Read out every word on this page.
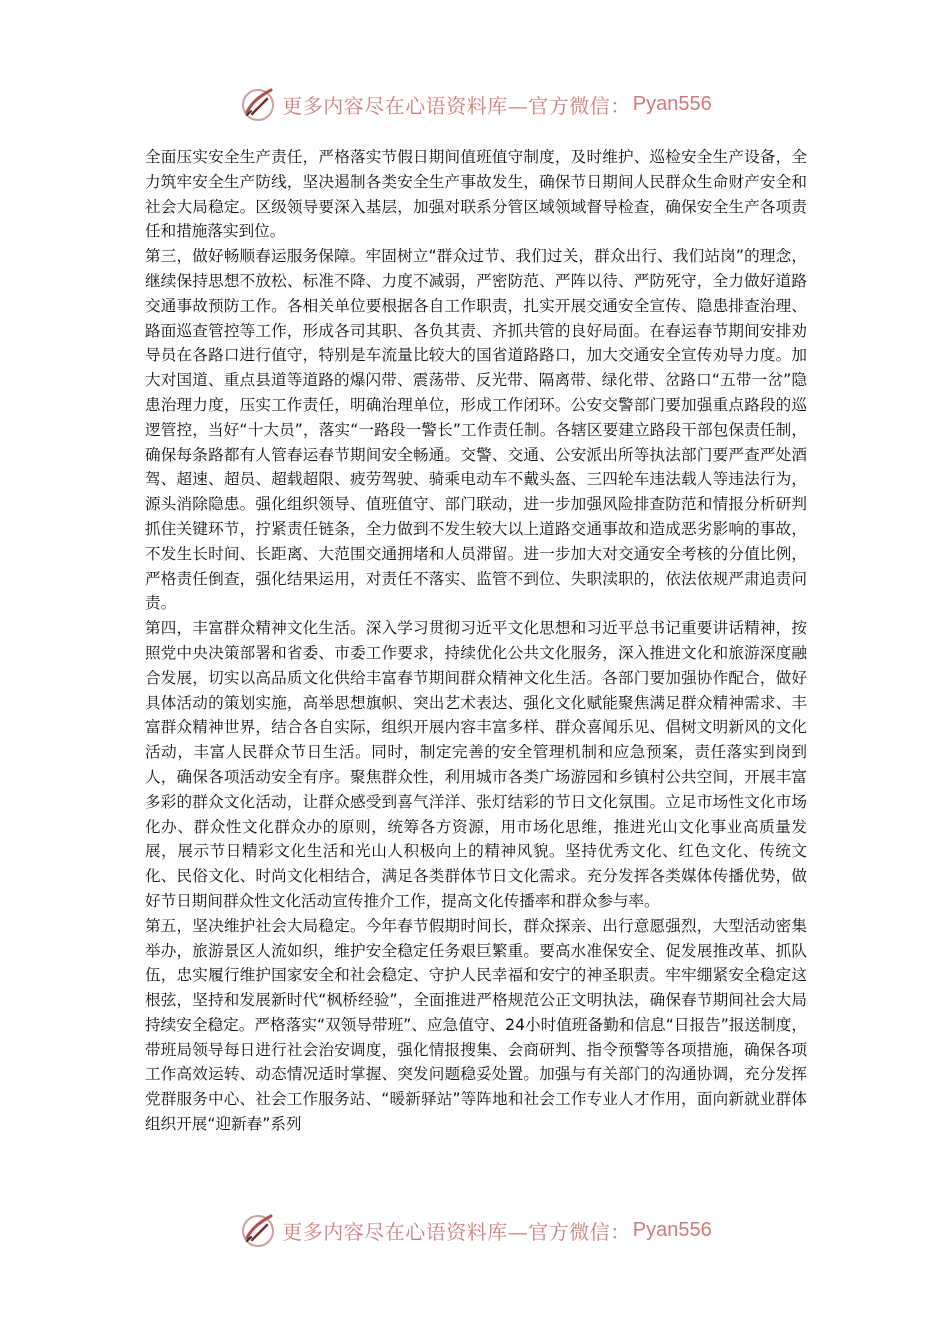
更多内容尽在心语资料库—官方微信： Pyan556

全面压实安全生产责任，严格落实节假日期间值班值守制度，及时维护、巡检安全生产设备，全力筑牢安全生产防线，坚决遏制各类安全生产事故发生，确保节日期间人民群众生命财产安全和社会大局稳定。区级领导要深入基层，加强对联系分管区域领域督导检查，确保安全生产各项责任和措施落实到位。

第三，做好畅顺春运服务保障。牢固树立“群众过节、我们过关，群众出行、我们站岗”的理念，继续保持思想不放松、标准不降、力度不减弱，严密防范、严阵以待、严防死守，全力做好道路交通事故预防工作。各相关单位要根据各自工作职责，扎实开展交通安全宣传、隐患排查治理、路面巡查管控等工作，形成各司其职、各负其责、齐抓共管的良好局面。在春运春节期间安排劝导员在各路口进行值守，特别是车流量比较大的国省道路路口，加大交通安全宣传劝导力度。加大对国道、重点县道等道路的爆闪带、震荡带、反光带、隔离带、绿化带、岔路口“五带一岔”隐患治理力度，压实工作责任，明确治理单位，形成工作闭环。公安交警部门要加强重点路段的巡逻管控，当好“十大员”，落实“一路段一警长”工作责任制。各辖区要建立路段干部包保责任制，确保每条路都有人管春运春节期间安全畅通。交警、交通、公安派出所等执法部门要严查严处酒驾、超速、超员、超载超限、疲劳驾驶、骑乘电动车不戴头盔、三四轮车违法载人等违法行为，源头消除隐患。强化组织领导、值班值守、部门联动，进一步加强风险排查防范和情报分析研判抓住关键环节，拧紧责任链条，全力做到不发生较大以上道路交通事故和造成恶劣影响的事故，不发生长时间、长距离、大范围交通拥堵和人员滞留。进一步加大对交通安全考核的分值比例，严格责任倒查，强化结果运用，对责任不落实、监管不到位、失职渎职的，依法依规严肃追责问责。

第四，丰富群众精神文化生活。深入学习贯彻习近平文化思想和习近平总书记重要讲话精神，按照党中央决策部署和省委、市委工作要求，持续优化公共文化服务，深入推进文化和旅游深度融合发展，切实以高品质文化供给丰富春节期间群众精神文化生活。各部门要加强协作配合，做好具体活动的策划实施，高举思想旗帜、突出艺术表达、强化文化赋能聚焦满足群众精神需求、丰富群众精神世界，结合各自实际，组织开展内容丰富多样、群众喜闻乐见、倡树文明新风的文化活动，丰富人民群众节日生活。同时，制定完善的安全管理机制和应急预案，责任落实到岗到人，确保各项活动安全有序。聚焦群众性，利用城市各类广场游园和乡镇村公共空间，开展丰富多彩的群众文化活动，让群众感受到喜气洋洋、张灯结彩的节日文化氛围。立足市场性文化市场化办、群众性文化群众办的原则，统筹各方资源，用市场化思维，推进光山文化事业高质量发展，展示节日精彩文化生活和光山人积极向上的精神风貌。坚持优秀文化、红色文化、传统文化、民俗文化、时尚文化相结合，满足各类群体节日文化需求。充分发挥各类媒体传播优势，做好节日期间群众性文化活动宣传推介工作，提高文化传播率和群众参与率。

第五，坚决维护社会大局稳定。今年春节假期时间长，群众探亲、出行意愿强烈，大型活动密集举办，旅游景区人流如织，维护安全稳定任务艰巨繁重。要高水准保安全、促发展推改革、抓队伍，忠实履行维护国家安全和社会稳定、守护人民幸福和安宁的神圣职责。牢牢绷紧安全稳定这根弦，坚持和发展新时代“枫桥经验”，全面推进严格规范公正文明执法，确保春节期间社会大局持续安全稳定。严格落实“双领导带班”、应急值守、24小时值班备勤和信息“日报告”报送制度，带班局领导每日进行社会治安调度，强化情报搜集、会商研判、指令预警等各项措施，确保各项工作高效运转、动态情况适时掌握、突发问题稳妥处置。加强与有关部门的沟通协调，充分发挥党群服务中心、社会工作服务站、“暖新驿站”等阵地和社会工作专业人才作用，面向新就业群体组织开展“迎新春”系列

更多内容尽在心语资料库—官方微信： Pyan556
